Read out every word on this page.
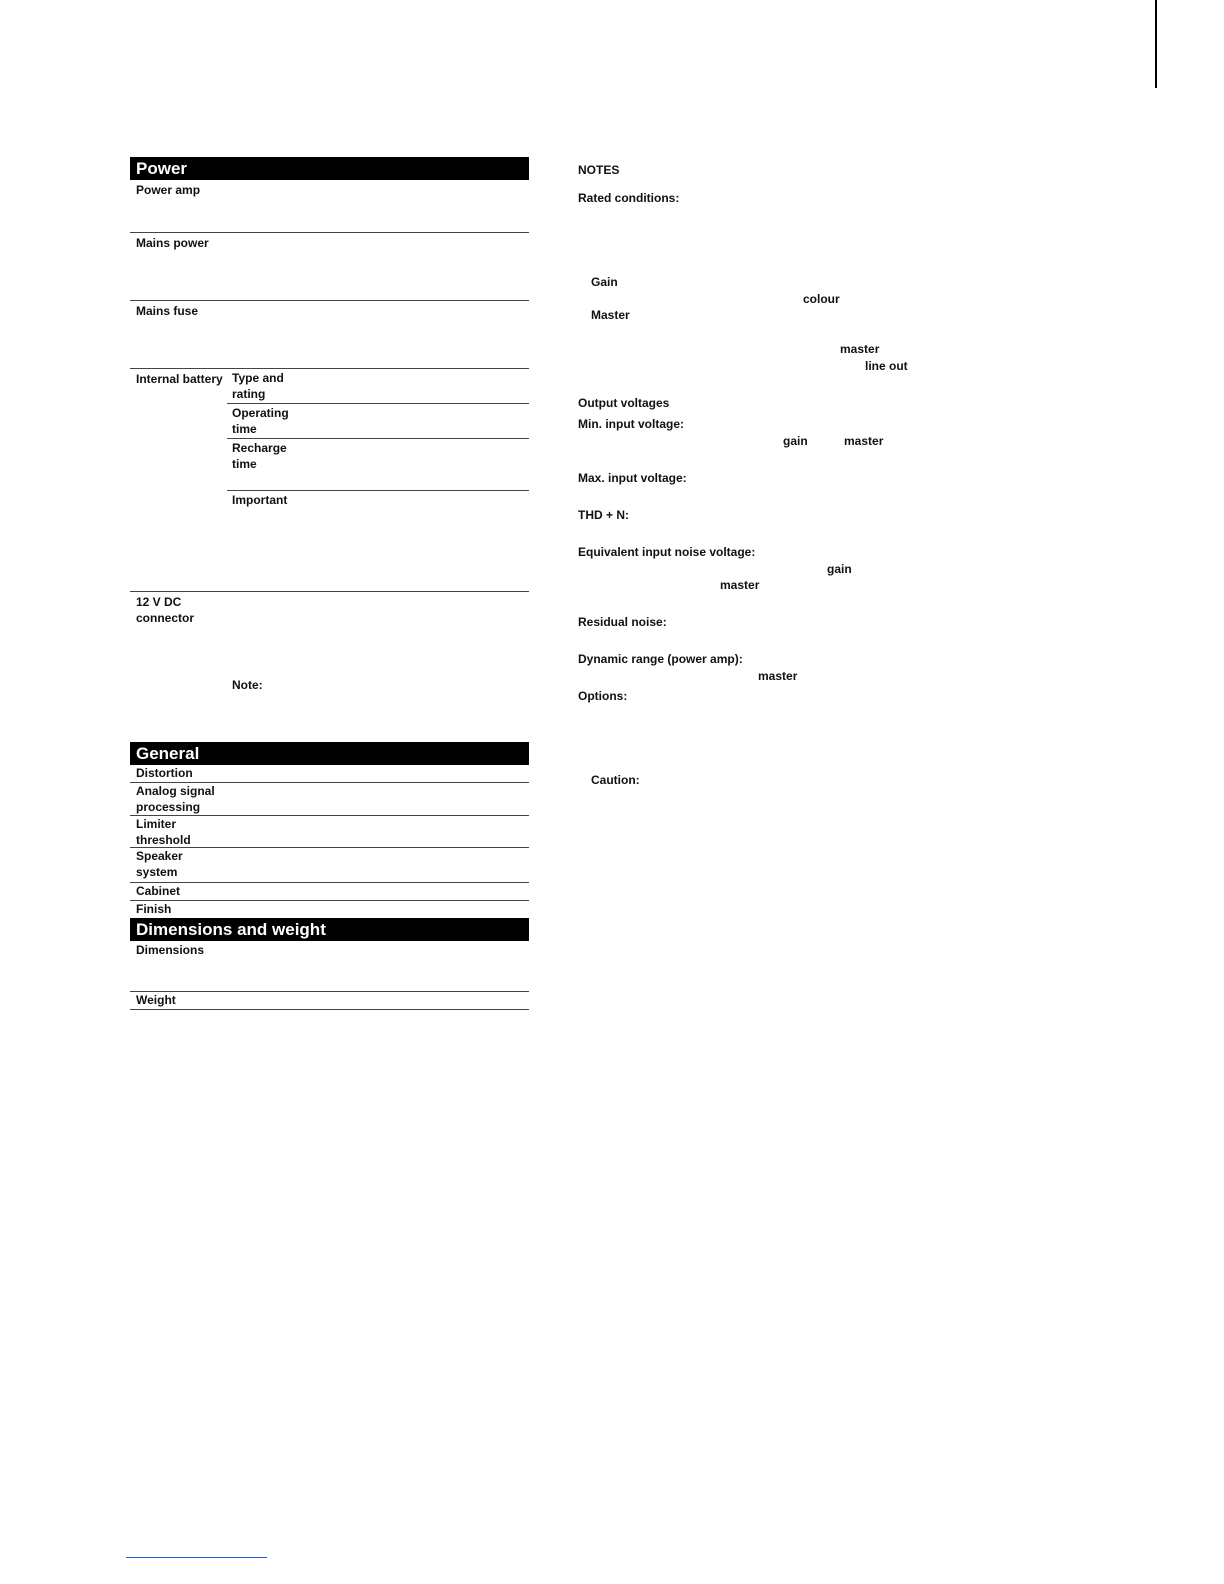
Power
Power amp
Mains power
Mains fuse
Internal battery Type and rating
Operating time
Recharge time
Important
12 V DC connector
Note:
General
Distortion
Analog signal processing
Limiter threshold
Speaker system
Cabinet
Finish
Dimensions and weight
Dimensions
Weight
NOTES
Rated conditions:
Gain
colour
Master
master
line out
Output voltages
Min. input voltage:
gain	master
Max. input voltage:
THD + N:
Equivalent input noise voltage:
gain
master
Residual noise:
Dynamic range (power amp):
master
Options:
Caution:
